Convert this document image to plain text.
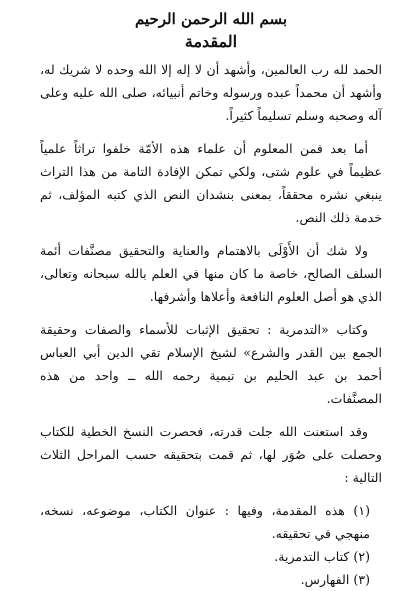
بسم الله الرحمن الرحيم
المقدمة

الحمد لله رب العالمين، وأشهد أن لا إله إلا الله وحده لا شريك له، وأشهد أن محمداً عبده ورسوله وخاتم أنبيائه، صلى الله عليه وعلى آله وصحبه وسلم تسليماً كثيراً.

أما بعد فمن المعلوم أن علماء هذه الأمّة خلفوا تراثاً علمياً عظيماً في علوم شتى، ولكي تمكن الإفادة التامة من هذا التراث ينبغي نشره محققاً، بمعنى بنشدان النص الذي كتبه المؤلف، ثم خدمة ذلك النص.

ولا شك أن الأَوْلَى بالاهتمام والعناية والتحقيق مصنَّفات أئمة السلف الصالح، خاصة ما كان منها في العلم بالله سبحانه وتعالى، الذي هو أصل العلوم النافعة وأعلاها وأشرفها.

وكتاب «التدمرية : تحقيق الإثبات للأسماء والصفات وحقيقة الجمع بين القدر والشرع» لشيخ الإسلام تقي الدين أبي العباس أحمد بن عبد الحليم بن تيمية رحمه الله ــ واحد من هذه المصنَّفات.

وقد استعنت الله جلت قدرته، فحصرت النسخ الخطية للكتاب وحصلت على صُوَر لها، ثم قمت بتحقيقه حسب المراحل الثلاث التالية :

(١) هذه المقدمة، وفيها : عنوان الكتاب، موضوعه، نسخه، منهجي في تحقيقه.
(٢) كتاب التدمرية.
(٣) الفهارس.
